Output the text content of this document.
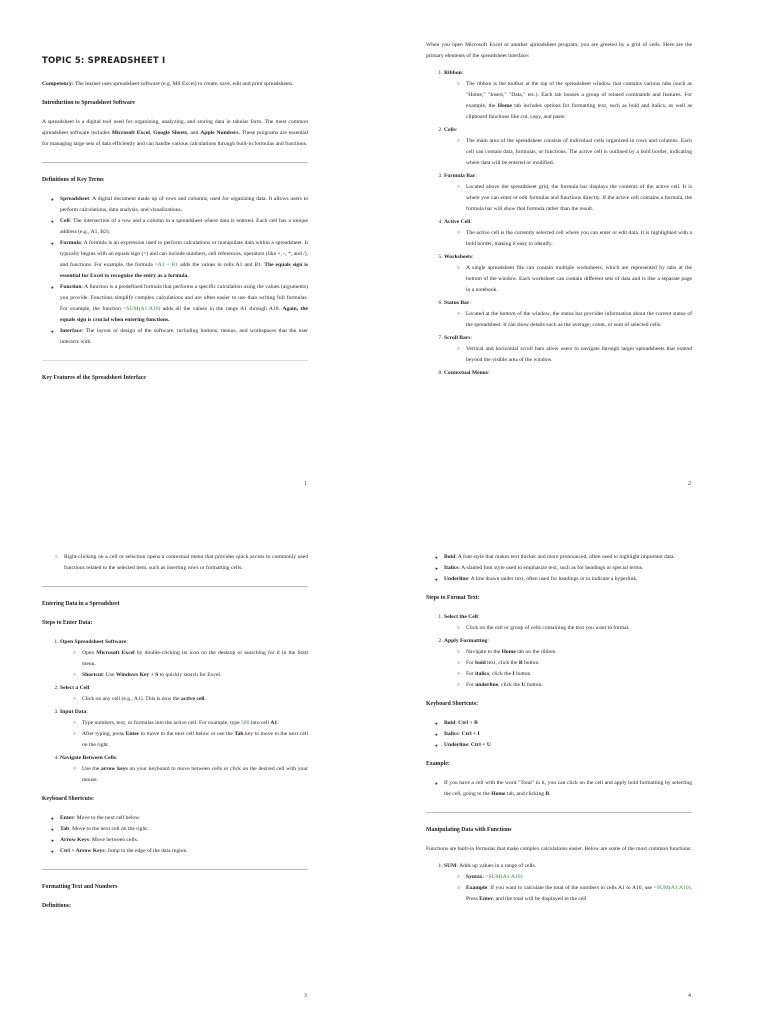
TOPIC 5: SPREADSHEET I

Competency: The learner uses spreadsheet software (e.g. MS Excel) to create, save, edit and print spreadsheets.

Introduction to Spreadsheet Software

A spreadsheet is a digital tool used for organizing, analyzing, and storing data in tabular form. The most common spreadsheet software includes Microsoft Excel, Google Sheets, and Apple Numbers. These programs are essential for managing large sets of data efficiently and can handle various calculations through built-in formulas and functions.

Definitions of Key Terms
● Spreadsheet: A digital document made up of rows and columns, used for organizing data. It allows users to perform calculations, data analysis, and visualizations.
● Cell: The intersection of a row and a column in a spreadsheet where data is entered. Each cell has a unique address (e.g., A1, B2).
● Formula: A formula is an expression used to perform calculations or manipulate data within a spreadsheet. It typically begins with an equals sign (=) and can include numbers, cell references, operators (like +, -, *, and /), and functions. For example, the formula =A1 + B1 adds the values in cells A1 and B1. The equals sign is essential for Excel to recognize the entry as a formula.
● Function: A function is a predefined formula that performs a specific calculation using the values (arguments) you provide. Functions simplify complex calculations and are often easier to use than writing full formulas. For example, the function =SUM(A1:A10) adds all the values in the range A1 through A10. Again, the equals sign is crucial when entering functions.
● Interface: The layout or design of the software, including buttons, menus, and workspaces that the user interacts with.
Key Features of the Spreadsheet Interface
1

When you open Microsoft Excel or another spreadsheet program, you are greeted by a grid of cells. Here are the primary elements of the spreadsheet interface:

1. Ribbon:
○ The ribbon is the toolbar at the top of the spreadsheet window that contains various tabs (such as "Home," "Insert," "Data," etc.). Each tab houses a group of related commands and features. For example, the Home tab includes options for formatting text, such as bold and italics, as well as clipboard functions like cut, copy, and paste.
2. Cells:
○ The main area of the spreadsheet consists of individual cells organized in rows and columns. Each cell can contain data, formulas, or functions. The active cell is outlined by a bold border, indicating where data will be entered or modified.
3. Formula Bar:
○ Located above the spreadsheet grid, the formula bar displays the contents of the active cell. It is where you can enter or edit formulas and functions directly. If the active cell contains a formula, the formula bar will show that formula rather than the result.
4. Active Cell:
○ The active cell is the currently selected cell where you can enter or edit data. It is highlighted with a bold border, making it easy to identify.
5. Worksheets:
○ A single spreadsheet file can contain multiple worksheets, which are represented by tabs at the bottom of the window. Each worksheet can contain different sets of data and is like a separate page in a notebook.
6. Status Bar:
○ Located at the bottom of the window, the status bar provides information about the current status of the spreadsheet. It can show details such as the average, count, or sum of selected cells.
7. Scroll Bars:
○ Vertical and horizontal scroll bars allow users to navigate through larger spreadsheets that extend beyond the visible area of the window.
8. Contextual Menus:
2
○ Right-clicking on a cell or selection opens a contextual menu that provides quick access to commonly used functions related to the selected item, such as inserting rows or formatting cells.
Entering Data in a Spreadsheet
Steps to Enter Data:
1. Open Spreadsheet Software:
○ Open Microsoft Excel by double-clicking its icon on the desktop or searching for it in the Start menu.
○ Shortcut: Use Windows Key + S to quickly search for Excel.
2. Select a Cell:
○ Click on any cell (e.g., A1). This is now the active cell.
3. Input Data:
○ Type numbers, text, or formulas into the active cell. For example, type 500 into cell A1.
○ After typing, press Enter to move to the next cell below or use the Tab key to move to the next cell on the right.
4. Navigate Between Cells:
○ Use the arrow keys on your keyboard to move between cells or click on the desired cell with your mouse.
Keyboard Shortcuts:
● Enter: Move to the next cell below.
● Tab: Move to the next cell on the right.
● Arrow Keys: Move between cells.
● Ctrl + Arrow Keys: Jump to the edge of the data region.
Formatting Text and Numbers
Definitions:
3
● Bold: A font style that makes text thicker and more pronounced, often used to highlight important data.
● Italics: A slanted font style used to emphasize text, such as for headings or special terms.
● Underline: A line drawn under text, often used for headings or to indicate a hyperlink.
Steps to Format Text:
1. Select the Cell:
○ Click on the cell or group of cells containing the text you want to format.
2. Apply Formatting:
○ Navigate to the Home tab on the ribbon.
○ For bold text, click the B button.
○ For italics, click the I button.
○ For underline, click the U button.
Keyboard Shortcuts:
● Bold: Ctrl + B
● Italics: Ctrl + I
● Underline: Ctrl + U
Example:
● If you have a cell with the word "Total" in it, you can click on the cell and apply bold formatting by selecting the cell, going to the Home tab, and clicking B.
Manipulating Data with Functions

Functions are built-in formulas that make complex calculations easier. Below are some of the most common functions:

1. SUM: Adds up values in a range of cells.
○ Syntax: =SUM(A1:A10)
○ Example: If you want to calculate the total of the numbers in cells A1 to A10, use =SUM(A1:A10). Press Enter, and the total will be displayed in the cell
4
